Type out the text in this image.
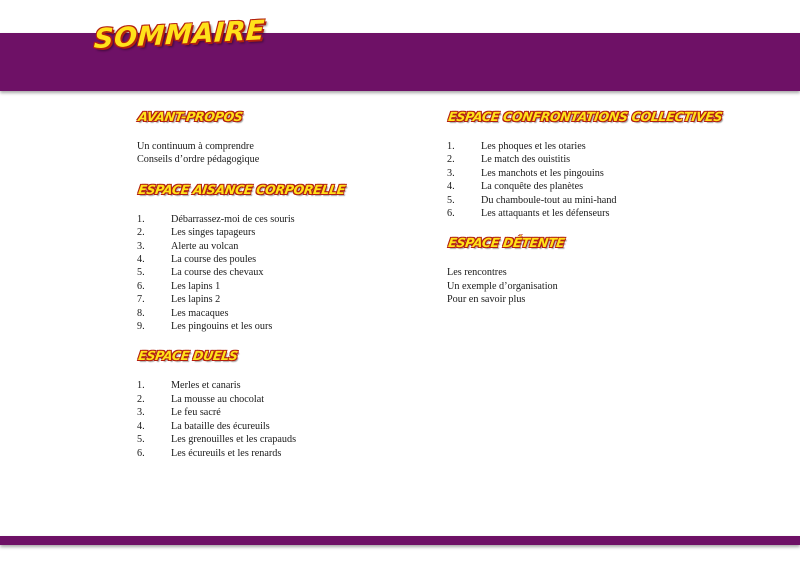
SOMMAIRE
AVANT-PROPOS
Un continuum à comprendre
Conseils d’ordre pédagogique
ESPACE AISANCE CORPORELLE
1.	Débarrassez-moi de ces souris
2.	Les singes tapageurs
3.	Alerte au volcan
4.	La course des poules
5.	La course des chevaux
6.	Les lapins 1
7.	Les lapins 2
8.	Les macaques
9.	Les pingouins et les ours
ESPACE DUELS
1.	Merles et canaris
2.	La mousse au chocolat
3.	Le feu sacré
4.	La bataille des écureuils
5.	Les grenouilles et les crapauds
6.	Les écureuils et les renards
ESPACE CONFRONTATIONS COLLECTIVES
1.	Les phoques et les otaries
2.	Le match des ouistitis
3.	Les manchots et les pingouins
4.	La conquête des planètes
5.	Du chamboule-tout au mini-hand
6.	Les attaquants et les défenseurs
ESPACE DÉTENTE
Les rencontres
Un exemple d’organisation
Pour en savoir plus
